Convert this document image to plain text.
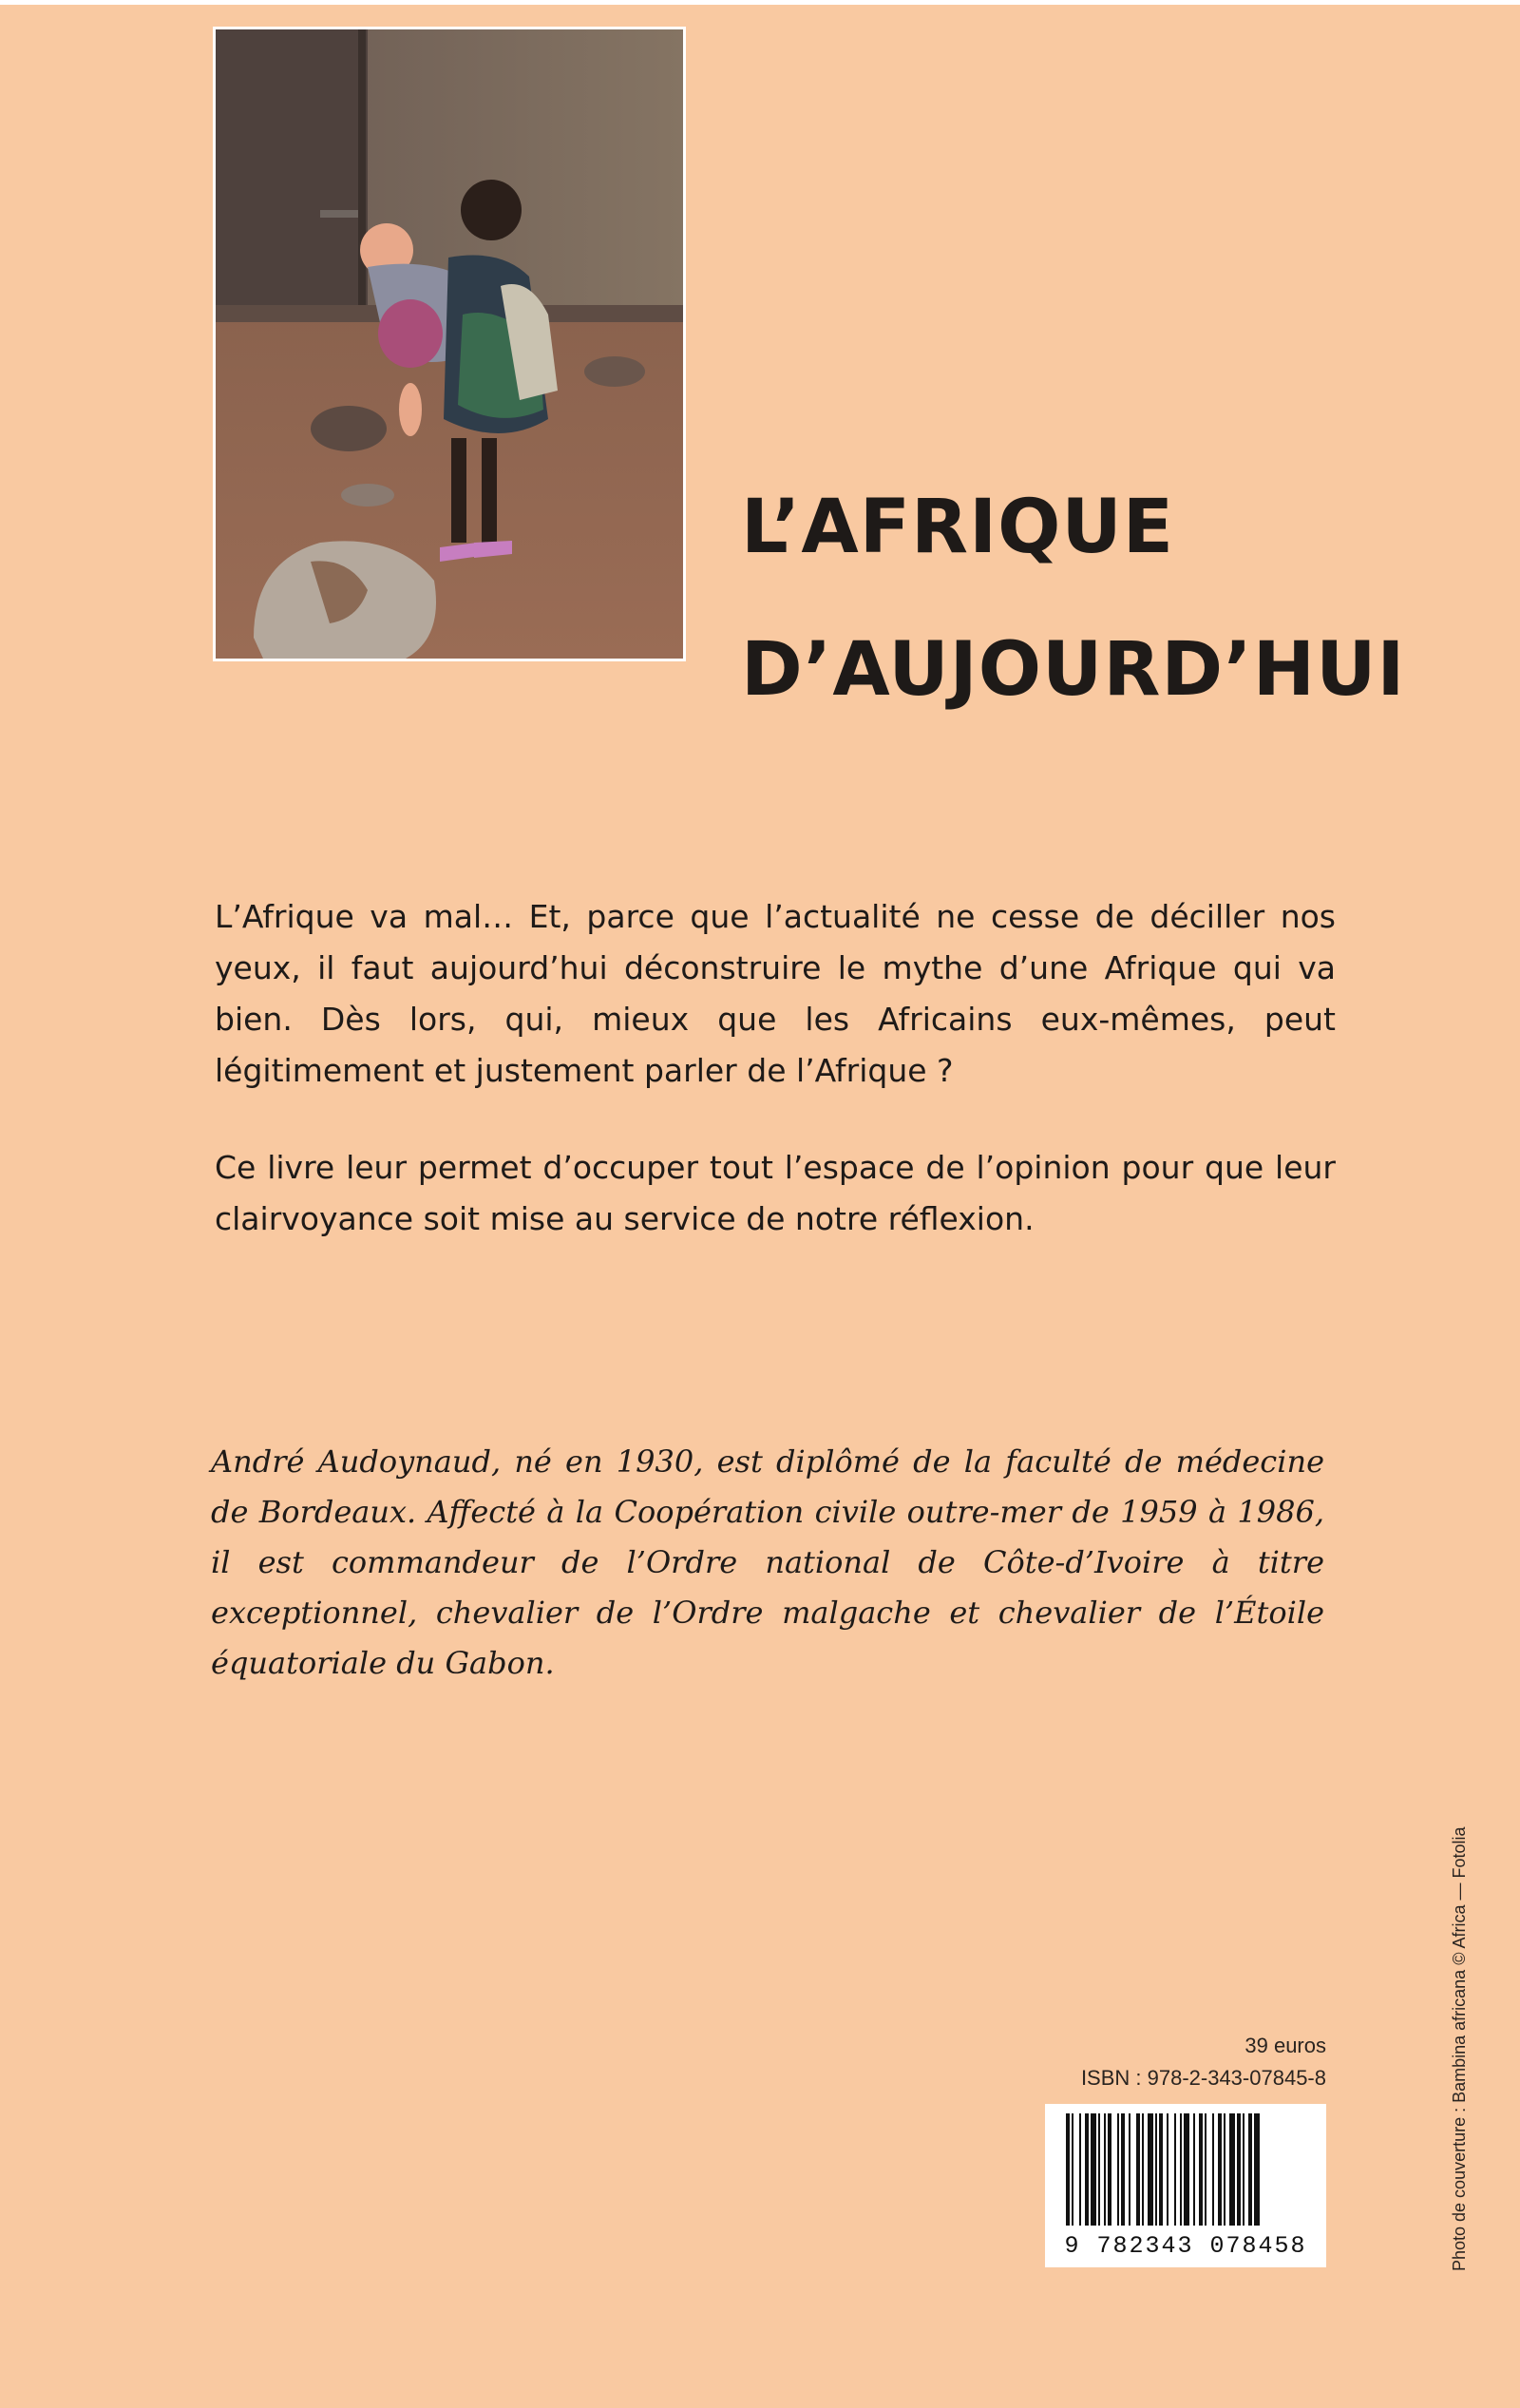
L’AFRIQUE
D’AUJOURD’HUI

L’Afrique va mal… Et, parce que l’actualité ne cesse de déciller nos yeux, il faut aujourd’hui déconstruire le mythe d’une Afrique qui va bien. Dès lors, qui, mieux que les Africains eux-mêmes, peut légitimement et justement parler de l’Afrique ?

Ce livre leur permet d’occuper tout l’espace de l’opinion pour que leur clairvoyance soit mise au service de notre réflexion.

André Audoynaud, né en 1930, est diplômé de la faculté de médecine de Bordeaux. Affecté à la Coopération civile outre-mer de 1959 à 1986, il est commandeur de l’Ordre national de Côte-d’Ivoire à titre exceptionnel, chevalier de l’Ordre malgache et chevalier de l’Étoile équatoriale du Gabon.
Photo de couverture : Bambina africana © Africa — Fotolia
39 euros
ISBN : 978-2-343-07845-8
9 782343 078458
